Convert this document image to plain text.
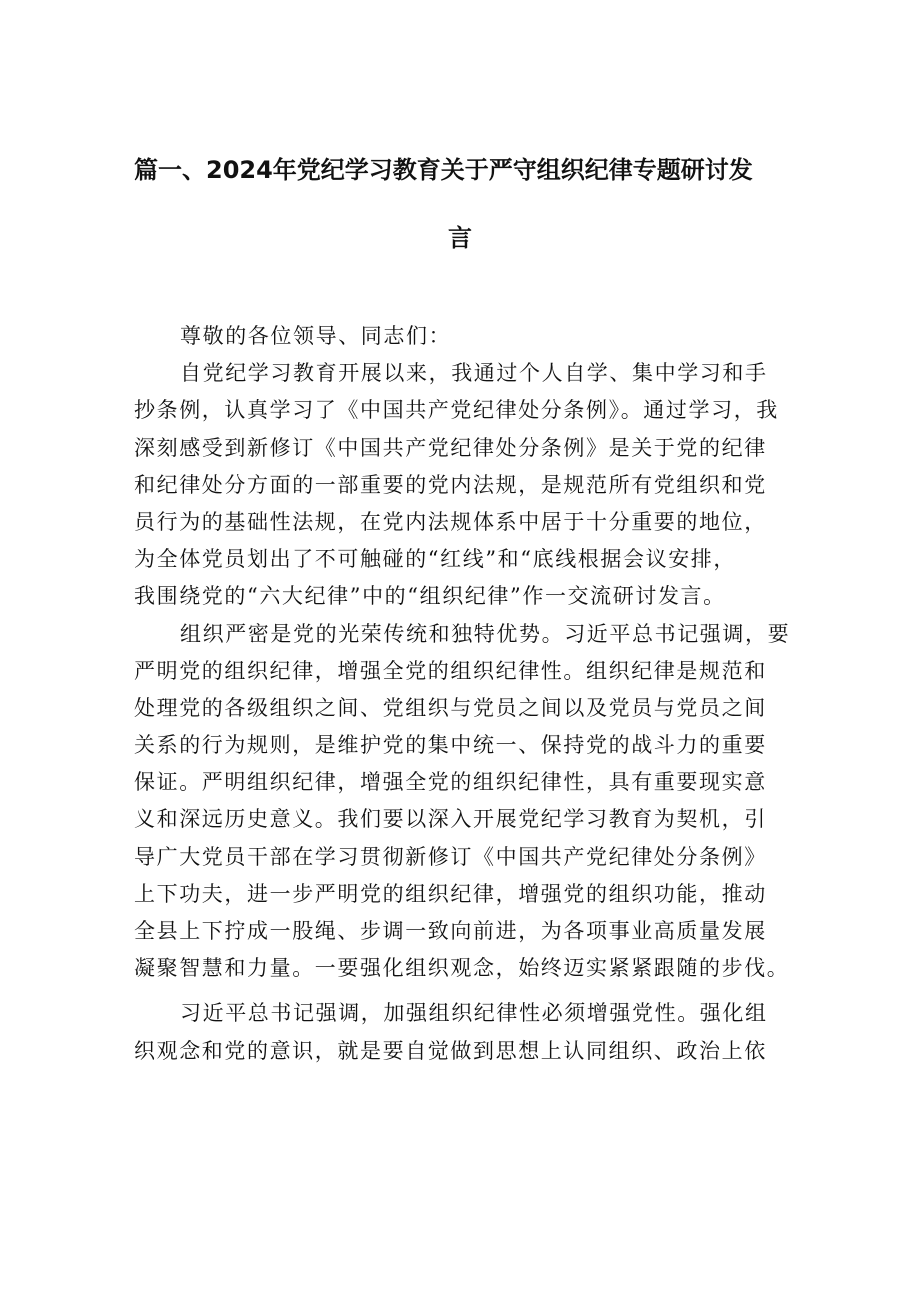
篇一、2024年党纪学习教育关于严守组织纪律专题研讨发
言
尊敬的各位领导、同志们：
自党纪学习教育开展以来，我通过个人自学、集中学习和手
抄条例，认真学习了《中国共产党纪律处分条例》。通过学习，我
深刻感受到新修订《中国共产党纪律处分条例》是关于党的纪律
和纪律处分方面的一部重要的党内法规，是规范所有党组织和党
员行为的基础性法规，在党内法规体系中居于十分重要的地位，
为全体党员划出了不可触碰的“红线”和“底线根据会议安排，
我围绕党的“六大纪律”中的“组织纪律”作一交流研讨发言。
组织严密是党的光荣传统和独特优势。习近平总书记强调，要
严明党的组织纪律，增强全党的组织纪律性。组织纪律是规范和
处理党的各级组织之间、党组织与党员之间以及党员与党员之间
关系的行为规则，是维护党的集中统一、保持党的战斗力的重要
保证。严明组织纪律，增强全党的组织纪律性，具有重要现实意
义和深远历史意义。我们要以深入开展党纪学习教育为契机，引
导广大党员干部在学习贯彻新修订《中国共产党纪律处分条例》
上下功夫，进一步严明党的组织纪律，增强党的组织功能，推动
全县上下拧成一股绳、步调一致向前进，为各项事业高质量发展
凝聚智慧和力量。一要强化组织观念，始终迈实紧紧跟随的步伐。
习近平总书记强调，加强组织纪律性必须增强党性。强化组
织观念和党的意识，就是要自觉做到思想上认同组织、政治上依
